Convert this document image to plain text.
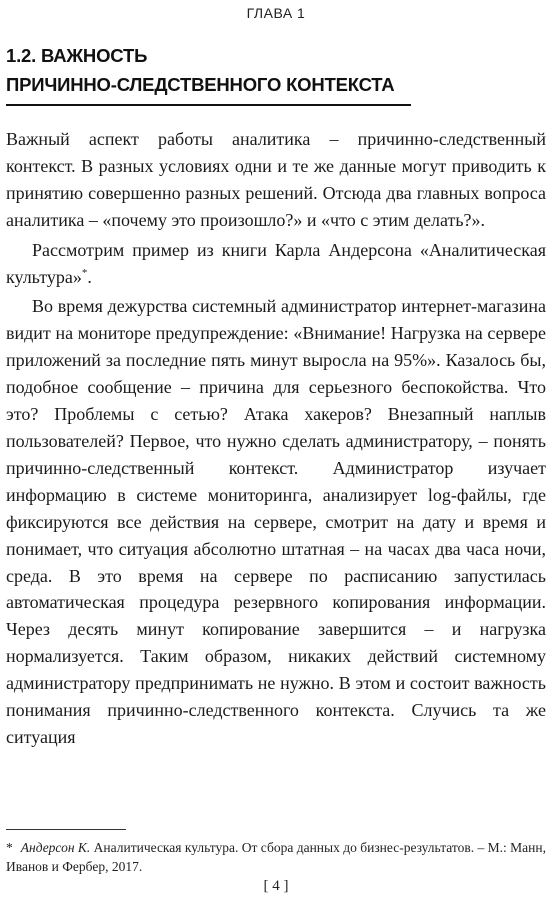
ГЛАВА 1
1.2. ВАЖНОСТЬ
ПРИЧИННО-СЛЕДСТВЕННОГО КОНТЕКСТА

Важный аспект работы аналитика – причинно-следственный контекст. В разных условиях одни и те же данные могут приводить к принятию совершенно разных решений. Отсюда два главных вопроса аналитика – «почему это произошло?» и «что с этим делать?».

Рассмотрим пример из книги Карла Андерсона «Аналитическая культура»*.

Во время дежурства системный администратор интернет-магазина видит на мониторе предупреждение: «Внимание! Нагрузка на сервере приложений за последние пять минут выросла на 95%». Казалось бы, подобное сообщение – причина для серьезного беспокойства. Что это? Проблемы с сетью? Атака хакеров? Внезапный наплыв пользователей? Первое, что нужно сделать администратору, – понять причинно-следственный контекст. Администратор изучает информацию в системе мониторинга, анализирует log-файлы, где фиксируются все действия на сервере, смотрит на дату и время и понимает, что ситуация абсолютно штатная – на часах два часа ночи, среда. В это время на сервере по расписанию запустилась автоматическая процедура резервного копирования информации. Через десять минут копирование завершится – и нагрузка нормализуется. Таким образом, никаких действий системному администратору предпринимать не нужно. В этом и состоит важность понимания причинно-следственного контекста. Случись та же ситуация

* Андерсон К. Аналитическая культура. От сбора данных до бизнес-результатов. – М.: Манн, Иванов и Фербер, 2017.
[ 4 ]
